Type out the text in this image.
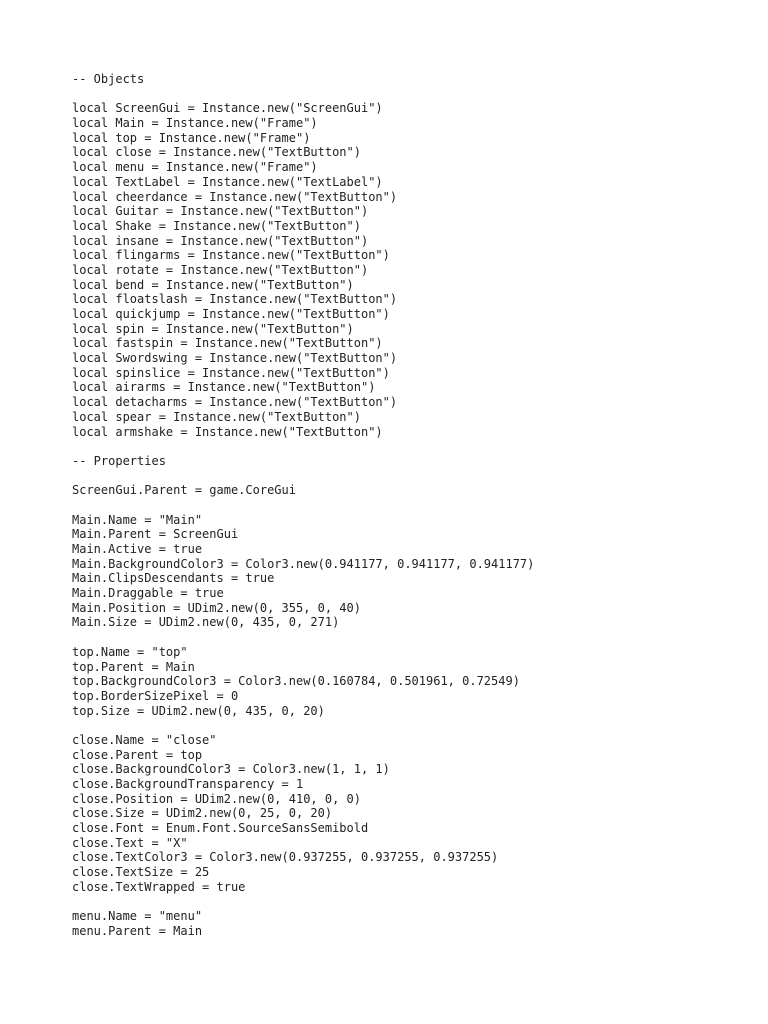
-- Objects
local ScreenGui = Instance.new("ScreenGui")
local Main = Instance.new("Frame")
local top = Instance.new("Frame")
local close = Instance.new("TextButton")
local menu = Instance.new("Frame")
local TextLabel = Instance.new("TextLabel")
local cheerdance = Instance.new("TextButton")
local Guitar = Instance.new("TextButton")
local Shake = Instance.new("TextButton")
local insane = Instance.new("TextButton")
local flingarms = Instance.new("TextButton")
local rotate = Instance.new("TextButton")
local bend = Instance.new("TextButton")
local floatslash = Instance.new("TextButton")
local quickjump = Instance.new("TextButton")
local spin = Instance.new("TextButton")
local fastspin = Instance.new("TextButton")
local Swordswing = Instance.new("TextButton")
local spinslice = Instance.new("TextButton")
local airarms = Instance.new("TextButton")
local detacharms = Instance.new("TextButton")
local spear = Instance.new("TextButton")
local armshake = Instance.new("TextButton")
-- Properties
ScreenGui.Parent = game.CoreGui
Main.Name = "Main"
Main.Parent = ScreenGui
Main.Active = true
Main.BackgroundColor3 = Color3.new(0.941177, 0.941177, 0.941177)
Main.ClipsDescendants = true
Main.Draggable = true
Main.Position = UDim2.new(0, 355, 0, 40)
Main.Size = UDim2.new(0, 435, 0, 271)
top.Name = "top"
top.Parent = Main
top.BackgroundColor3 = Color3.new(0.160784, 0.501961, 0.72549)
top.BorderSizePixel = 0
top.Size = UDim2.new(0, 435, 0, 20)
close.Name = "close"
close.Parent = top
close.BackgroundColor3 = Color3.new(1, 1, 1)
close.BackgroundTransparency = 1
close.Position = UDim2.new(0, 410, 0, 0)
close.Size = UDim2.new(0, 25, 0, 20)
close.Font = Enum.Font.SourceSansSemibold
close.Text = "X"
close.TextColor3 = Color3.new(0.937255, 0.937255, 0.937255)
close.TextSize = 25
close.TextWrapped = true
menu.Name = "menu"
menu.Parent = Main
